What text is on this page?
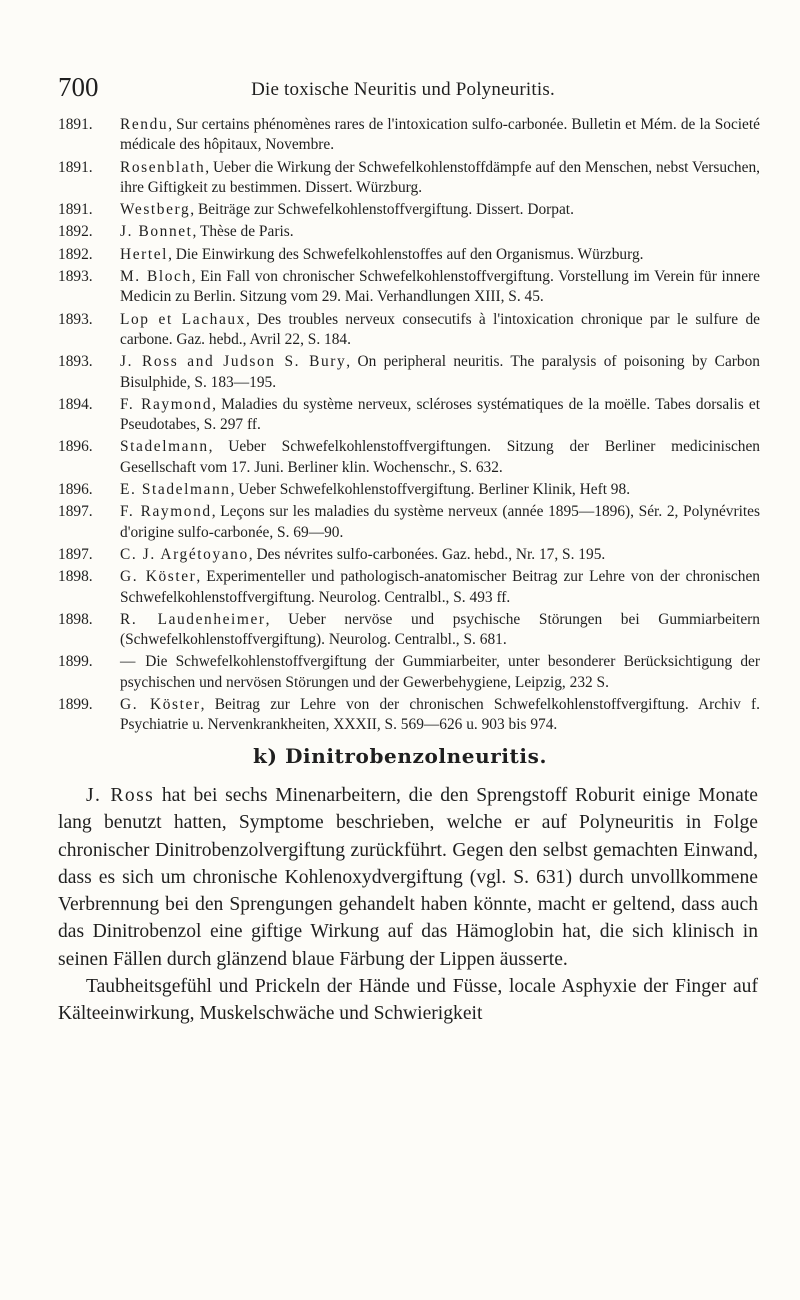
700	Die toxische Neuritis und Polyneuritis.
1891. Rendu, Sur certains phénomènes rares de l'intoxication sulfo-carbonée. Bulletin et Mém. de la Societé médicale des hôpitaux, Novembre.
1891. Rosenblath, Ueber die Wirkung der Schwefelkohlenstoffdämpfe auf den Menschen, nebst Versuchen, ihre Giftigkeit zu bestimmen. Dissert. Würzburg.
1891. Westberg, Beiträge zur Schwefelkohlenstoffvergiftung. Dissert. Dorpat.
1892. J. Bonnet, Thèse de Paris.
1892. Hertel, Die Einwirkung des Schwefelkohlenstoffes auf den Organismus. Würzburg.
1893. M. Bloch, Ein Fall von chronischer Schwefelkohlenstoffvergiftung. Vorstellung im Verein für innere Medicin zu Berlin. Sitzung vom 29. Mai. Verhandlungen XIII, S. 45.
1893. Lop et Lachaux, Des troubles nerveux consecutifs à l'intoxication chronique par le sulfure de carbone. Gaz. hebd., Avril 22, S. 184.
1893. J. Ross and Judson S. Bury, On peripheral neuritis. The paralysis of poisoning by Carbon Bisulphide, S. 183—195.
1894. F. Raymond, Maladies du système nerveux, scléroses systématiques de la moëlle. Tabes dorsalis et Pseudotabes, S. 297 ff.
1896. Stadelmann, Ueber Schwefelkohlenstoffvergiftungen. Sitzung der Berliner medicinischen Gesellschaft vom 17. Juni. Berliner klin. Wochenschr., S. 632.
1896. E. Stadelmann, Ueber Schwefelkohlenstoffvergiftung. Berliner Klinik, Heft 98.
1897. F. Raymond, Leçons sur les maladies du système nerveux (année 1895—1896), Sér. 2, Polynévrites d'origine sulfo-carbonée, S. 69—90.
1897. C. J. Argétoyano, Des névrites sulfo-carbonées. Gaz. hebd., Nr. 17, S. 195.
1898. G. Köster, Experimenteller und pathologisch-anatomischer Beitrag zur Lehre von der chronischen Schwefelkohlenstoffvergiftung. Neurolog. Centralbl., S. 493 ff.
1898. R. Laudenheimer, Ueber nervöse und psychische Störungen bei Gummiarbeitern (Schwefelkohlenstoffvergiftung). Neurolog. Centralbl., S. 681.
1899. — Die Schwefelkohlenstoffvergiftung der Gummiarbeiter, unter besonderer Berücksichtigung der psychischen und nervösen Störungen und der Gewerbehygiene, Leipzig, 232 S.
1899. G. Köster, Beitrag zur Lehre von der chronischen Schwefelkohlenstoffvergiftung. Archiv f. Psychiatrie u. Nervenkrankheiten, XXXII, S. 569—626 u. 903 bis 974.
k) Dinitrobenzolneuritis.

J. Ross hat bei sechs Minenarbeitern, die den Sprengstoff Roburit einige Monate lang benutzt hatten, Symptome beschrieben, welche er auf Polyneuritis in Folge chronischer Dinitrobenzolvergiftung zurückführt. Gegen den selbst gemachten Einwand, dass es sich um chronische Kohlenoxydvergiftung (vgl. S. 631) durch unvollkommene Verbrennung bei den Sprengungen gehandelt haben könnte, macht er geltend, dass auch das Dinitrobenzol eine giftige Wirkung auf das Hämoglobin hat, die sich klinisch in seinen Fällen durch glänzend blaue Färbung der Lippen äusserte.

Taubheitsgefühl und Prickeln der Hände und Füsse, locale Asphyxie der Finger auf Kälteeinwirkung, Muskelschwäche und Schwierigkeit
